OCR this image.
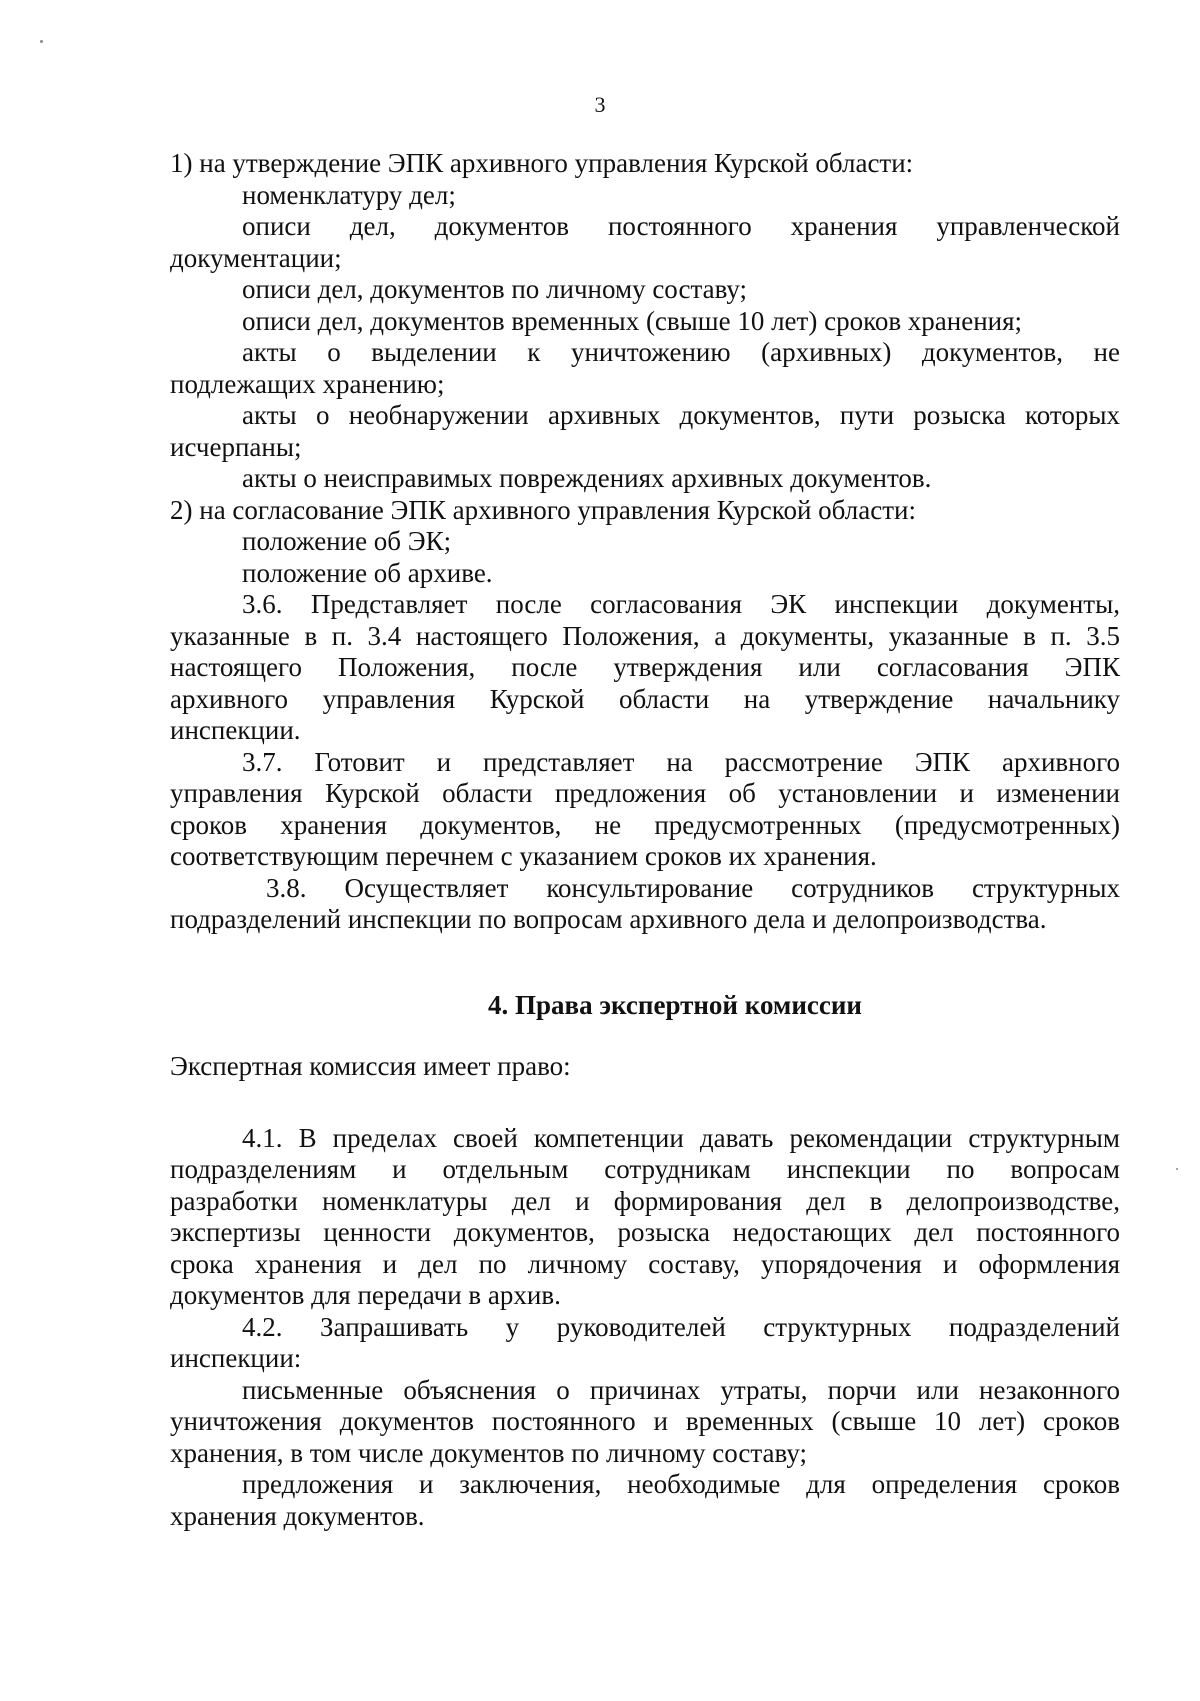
3
1) на утверждение ЭПК архивного управления Курской области:
номенклатуру дел;
описи дел, документов постоянного хранения управленческой
документации;
описи дел, документов по личному составу;
описи дел, документов временных (свыше 10 лет) сроков хранения;
акты о выделении к уничтожению (архивных) документов, не
подлежащих хранению;
акты о необнаружении архивных документов, пути розыска которых
исчерпаны;
акты о неисправимых повреждениях архивных документов.
2) на согласование ЭПК архивного управления Курской области:
положение об ЭК;
положение об архиве.
3.6. Представляет после согласования ЭК инспекции документы,
указанные в п. 3.4 настоящего Положения, а документы, указанные в п. 3.5
настоящего Положения, после утверждения или согласования ЭПК
архивного управления Курской области на утверждение начальнику
инспекции.
3.7. Готовит и представляет на рассмотрение ЭПК архивного
управления Курской области предложения об установлении и изменении
сроков хранения документов, не предусмотренных (предусмотренных)
соответствующим перечнем с указанием сроков их хранения.
3.8. Осуществляет консультирование сотрудников структурных
подразделений инспекции по вопросам архивного дела и делопроизводства.
4. Права экспертной комиссии
Экспертная комиссия имеет право:
4.1. В пределах своей компетенции давать рекомендации структурным
подразделениям и отдельным сотрудникам инспекции по вопросам
разработки номенклатуры дел и формирования дел в делопроизводстве,
экспертизы ценности документов, розыска недостающих дел постоянного
срока хранения и дел по личному составу, упорядочения и оформления
документов для передачи в архив.
4.2. Запрашивать у руководителей структурных подразделений
инспекции:
письменные объяснения о причинах утраты, порчи или незаконного
уничтожения документов постоянного и временных (свыше 10 лет) сроков
хранения, в том числе документов по личному составу;
предложения и заключения, необходимые для определения сроков
хранения документов.
